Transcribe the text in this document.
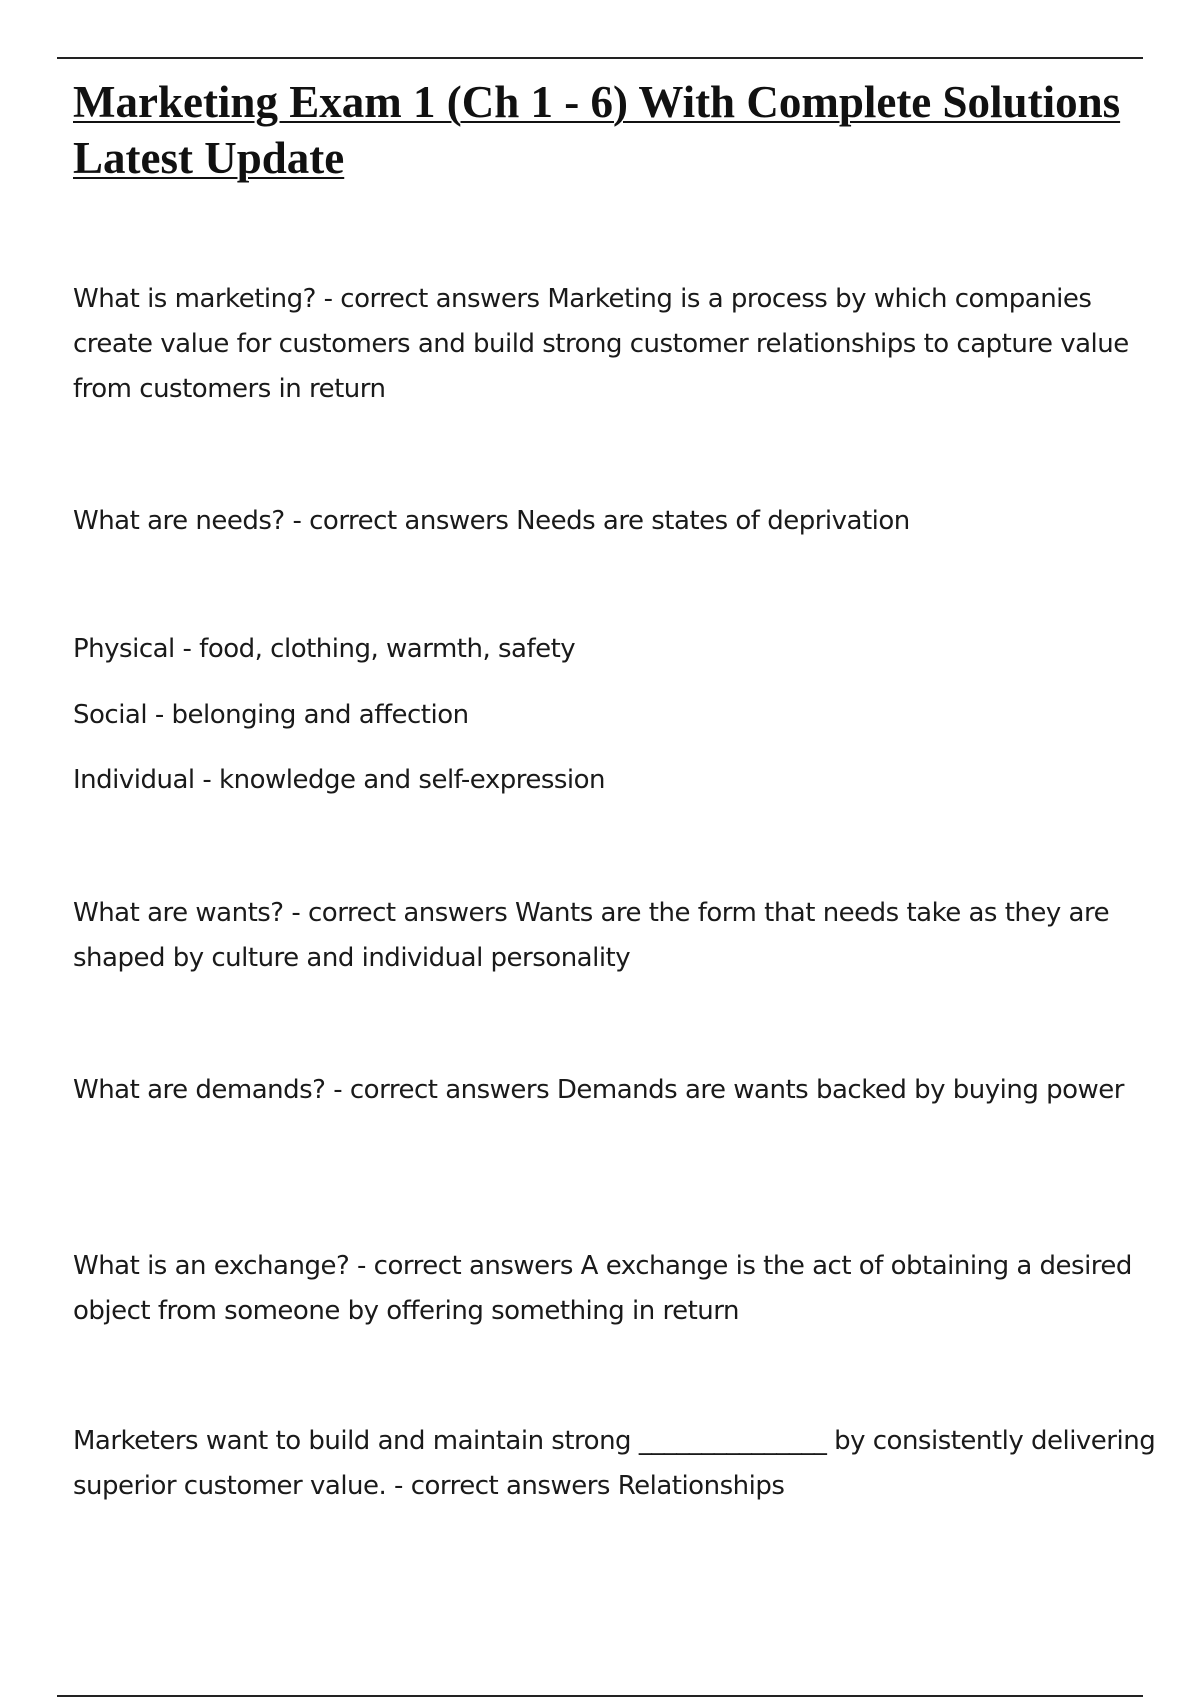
Marketing Exam 1 (Ch 1 - 6) With Complete Solutions Latest Update

What is marketing? - correct answers Marketing is a process by which companies create value for customers and build strong customer relationships to capture value from customers in return

What are needs? - correct answers Needs are states of deprivation

Physical - food, clothing, warmth, safety

Social - belonging and affection

Individual - knowledge and self-expression

What are wants? - correct answers Wants are the form that needs take as they are shaped by culture and individual personality

What are demands? - correct answers Demands are wants backed by buying power

What is an exchange? - correct answers A exchange is the act of obtaining a desired object from someone by offering something in return

Marketers want to build and maintain strong _______________ by consistently delivering superior customer value. - correct answers Relationships
